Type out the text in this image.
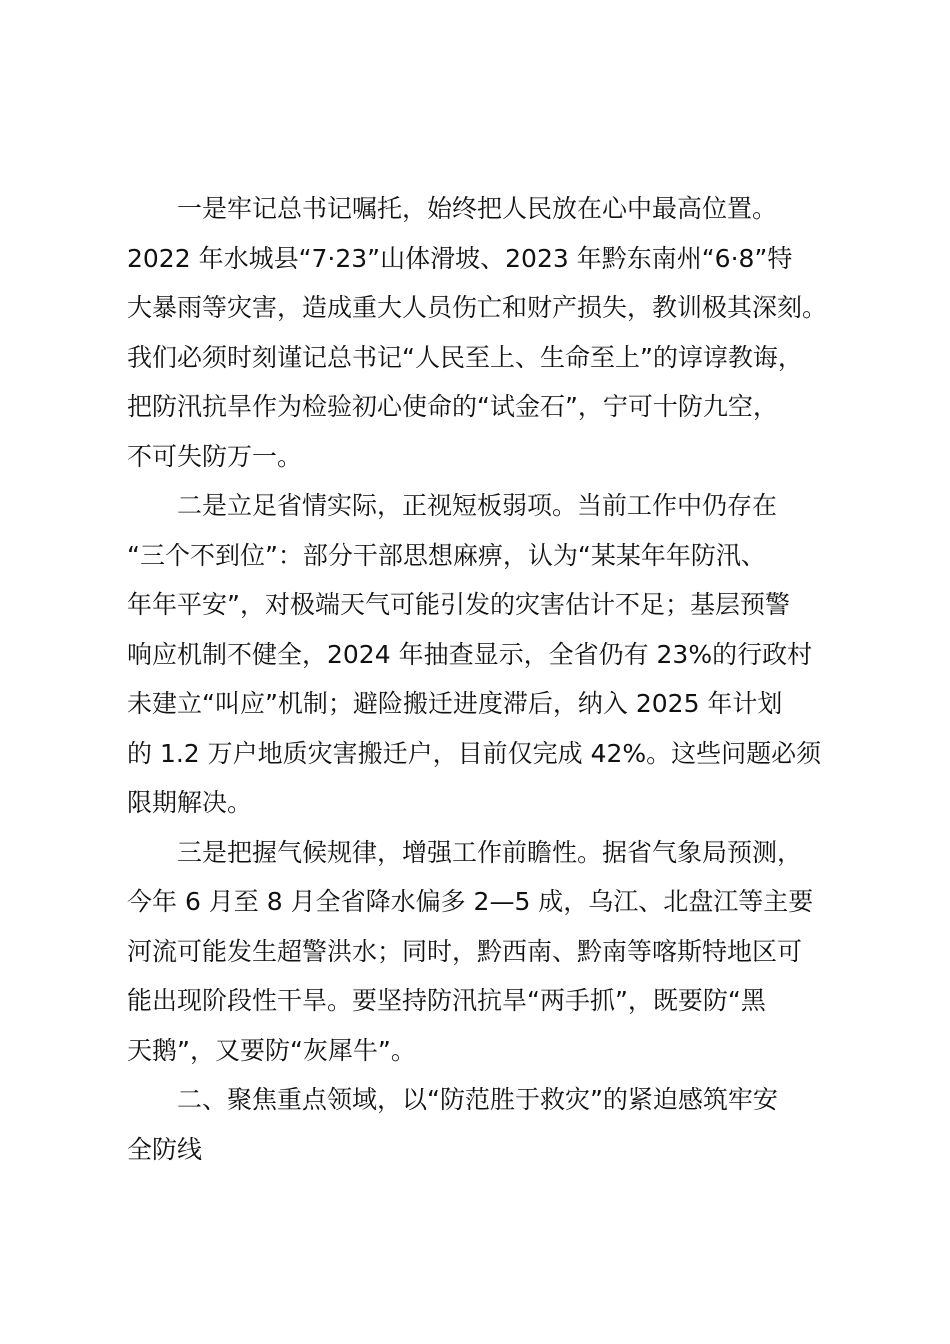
一是牢记总书记嘱托，始终把人民放在心中最高位置。
2022 年水城县“7·23”山体滑坡、2023 年黔东南州“6·8”特
大暴雨等灾害，造成重大人员伤亡和财产损失，教训极其深刻。
我们必须时刻谨记总书记“人民至上、生命至上”的谆谆教诲，
把防汛抗旱作为检验初心使命的“试金石”，宁可十防九空，
不可失防万一。

二是立足省情实际，正视短板弱项。当前工作中仍存在
“三个不到位”：部分干部思想麻痹，认为“某某年年防汛、
年年平安”，对极端天气可能引发的灾害估计不足；基层预警
响应机制不健全，2024 年抽查显示，全省仍有 23%的行政村
未建立“叫应”机制；避险搬迁进度滞后，纳入 2025 年计划
的 1.2 万户地质灾害搬迁户，目前仅完成 42%。这些问题必须
限期解决。

三是把握气候规律，增强工作前瞻性。据省气象局预测，
今年 6 月至 8 月全省降水偏多 2—5 成，乌江、北盘江等主要
河流可能发生超警洪水；同时，黔西南、黔南等喀斯特地区可
能出现阶段性干旱。要坚持防汛抗旱“两手抓”，既要防“黑
天鹅”，又要防“灰犀牛”。

二、聚焦重点领域，以“防范胜于救灾”的紧迫感筑牢安
全防线
